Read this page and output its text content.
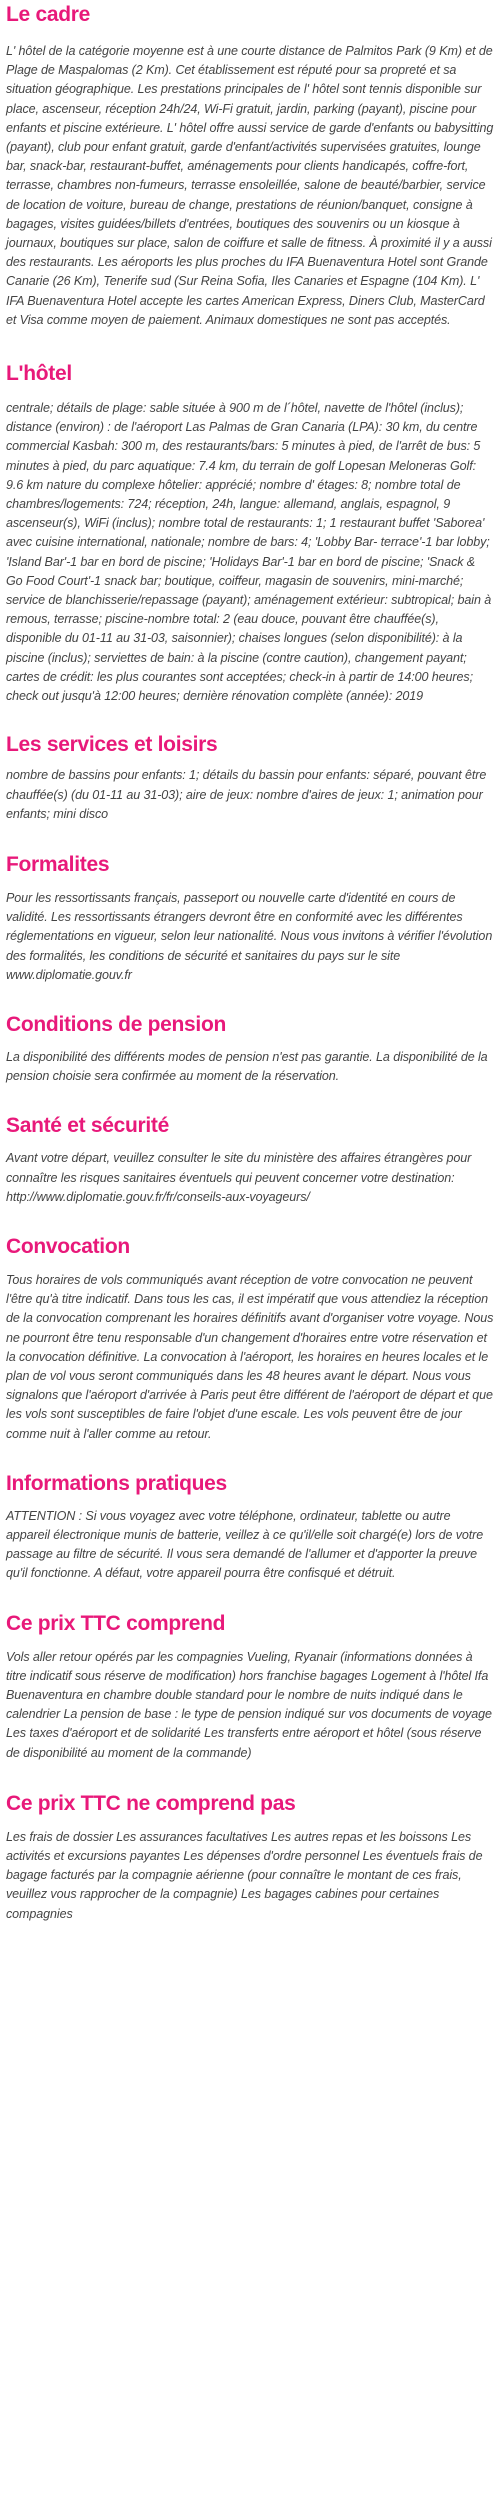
Le cadre

L' hôtel de la catégorie moyenne est à une courte distance de Palmitos Park (9 Km) et de Plage de Maspalomas (2 Km). Cet établissement est réputé pour sa propreté et sa situation géographique. Les prestations principales de l' hôtel sont tennis disponible sur place, ascenseur, réception 24h/24, Wi-Fi gratuit, jardin, parking (payant), piscine pour enfants et piscine extérieure. L' hôtel offre aussi service de garde d'enfants ou babysitting (payant), club pour enfant gratuit, garde d'enfant/activités supervisées gratuites, lounge bar, snack-bar, restaurant-buffet, aménagements pour clients handicapés, coffre-fort, terrasse, chambres non-fumeurs, terrasse ensoleillée, salone de beauté/barbier, service de location de voiture, bureau de change, prestations de réunion/banquet, consigne à bagages, visites guidées/billets d'entrées, boutiques des souvenirs ou un kiosque à journaux, boutiques sur place, salon de coiffure et salle de fitness. À proximité il y a aussi des restaurants. Les aéroports les plus proches du IFA Buenaventura Hotel sont Grande Canarie (26 Km), Tenerife sud (Sur Reina Sofia, Iles Canaries et Espagne (104 Km). L' IFA Buenaventura Hotel accepte les cartes American Express, Diners Club, MasterCard et Visa comme moyen de paiement. Animaux domestiques ne sont pas acceptés.

L'hôtel

centrale; détails de plage: sable située à 900 m de l´hôtel, navette de l'hôtel (inclus); distance (environ) : de l'aéroport Las Palmas de Gran Canaria (LPA): 30 km, du centre commercial Kasbah: 300 m, des restaurants/bars: 5 minutes à pied, de l'arrêt de bus: 5 minutes à pied, du parc aquatique: 7.4 km, du terrain de golf Lopesan Meloneras Golf: 9.6 km nature du complexe hôtelier: apprécié; nombre d' étages: 8; nombre total de chambres/logements: 724; réception, 24h, langue: allemand, anglais, espagnol, 9 ascenseur(s), WiFi (inclus); nombre total de restaurants: 1; 1 restaurant buffet 'Saborea' avec cuisine international, nationale; nombre de bars: 4; 'Lobby Bar- terrace'-1 bar lobby; 'Island Bar'-1 bar en bord de piscine; 'Holidays Bar'-1 bar en bord de piscine; 'Snack & Go Food Court'-1 snack bar; boutique, coiffeur, magasin de souvenirs, mini-marché; service de blanchisserie/repassage (payant); aménagement extérieur: subtropical; bain à remous, terrasse; piscine-nombre total: 2 (eau douce, pouvant être chauffée(s), disponible du 01-11 au 31-03, saisonnier); chaises longues (selon disponibilité): à la piscine (inclus); serviettes de bain: à la piscine (contre caution), changement payant; cartes de crédit: les plus courantes sont acceptées; check-in à partir de 14:00 heures; check out jusqu'à 12:00 heures; dernière rénovation complète (année): 2019

Les services et loisirs

nombre de bassins pour enfants: 1; détails du bassin pour enfants: séparé, pouvant être chauffée(s) (du 01-11 au 31-03); aire de jeux: nombre d'aires de jeux: 1; animation pour enfants; mini disco

Formalites

Pour les ressortissants français, passeport ou nouvelle carte d'identité en cours de validité. Les ressortissants étrangers devront être en conformité avec les différentes réglementations en vigueur, selon leur nationalité. Nous vous invitons à vérifier l'évolution des formalités, les conditions de sécurité et sanitaires du pays sur le site www.diplomatie.gouv.fr

Conditions de pension

La disponibilité des différents modes de pension n'est pas garantie. La disponibilité de la pension choisie sera confirmée au moment de la réservation.

Santé et sécurité

Avant votre départ, veuillez consulter le site du ministère des affaires étrangères pour connaître les risques sanitaires éventuels qui peuvent concerner votre destination: http://www.diplomatie.gouv.fr/fr/conseils-aux-voyageurs/

Convocation

Tous horaires de vols communiqués avant réception de votre convocation ne peuvent l'être qu'à titre indicatif. Dans tous les cas, il est impératif que vous attendiez la réception de la convocation comprenant les horaires définitifs avant d'organiser votre voyage. Nous ne pourront être tenu responsable d'un changement d'horaires entre votre réservation et la convocation définitive. La convocation à l'aéroport, les horaires en heures locales et le plan de vol vous seront communiqués dans les 48 heures avant le départ. Nous vous signalons que l'aéroport d'arrivée à Paris peut être différent de l'aéroport de départ et que les vols sont susceptibles de faire l'objet d'une escale. Les vols peuvent être de jour comme nuit à l'aller comme au retour.

Informations pratiques

ATTENTION : Si vous voyagez avec votre téléphone, ordinateur, tablette ou autre appareil électronique munis de batterie, veillez à ce qu'il/elle soit chargé(e) lors de votre passage au filtre de sécurité. Il vous sera demandé de l'allumer et d'apporter la preuve qu'il fonctionne. A défaut, votre appareil pourra être confisqué et détruit.

Ce prix TTC comprend

Vols aller retour opérés par les compagnies Vueling, Ryanair (informations données à titre indicatif sous réserve de modification) hors franchise bagages Logement à l'hôtel Ifa Buenaventura en chambre double standard pour le nombre de nuits indiqué dans le calendrier La pension de base : le type de pension indiqué sur vos documents de voyage Les taxes d'aéroport et de solidarité Les transferts entre aéroport et hôtel (sous réserve de disponibilité au moment de la commande)

Ce prix TTC ne comprend pas

Les frais de dossier Les assurances facultatives Les autres repas et les boissons Les activités et excursions payantes Les dépenses d'ordre personnel Les éventuels frais de bagage facturés par la compagnie aérienne (pour connaître le montant de ces frais, veuillez vous rapprocher de la compagnie) Les bagages cabines pour certaines compagnies
